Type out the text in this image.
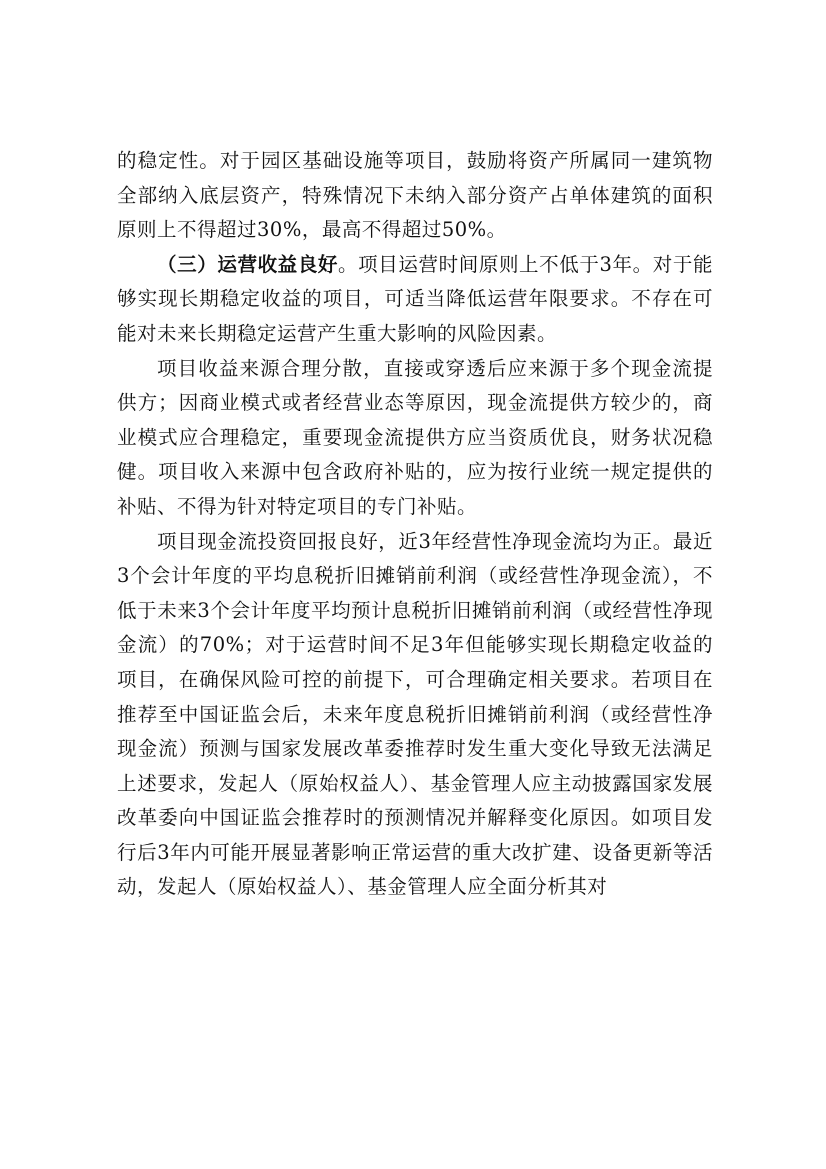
的稳定性。对于园区基础设施等项目，鼓励将资产所属同一建筑物全部纳入底层资产，特殊情况下未纳入部分资产占单体建筑的面积原则上不得超过30%，最高不得超过50%。

（三）运营收益良好。项目运营时间原则上不低于3年。对于能够实现长期稳定收益的项目，可适当降低运营年限要求。不存在可能对未来长期稳定运营产生重大影响的风险因素。

项目收益来源合理分散，直接或穿透后应来源于多个现金流提供方；因商业模式或者经营业态等原因，现金流提供方较少的，商业模式应合理稳定，重要现金流提供方应当资质优良，财务状况稳健。项目收入来源中包含政府补贴的，应为按行业统一规定提供的补贴、不得为针对特定项目的专门补贴。

项目现金流投资回报良好，近3年经营性净现金流均为正。最近3个会计年度的平均息税折旧摊销前利润（或经营性净现金流），不低于未来3个会计年度平均预计息税折旧摊销前利润（或经营性净现金流）的70%；对于运营时间不足3年但能够实现长期稳定收益的项目，在确保风险可控的前提下，可合理确定相关要求。若项目在推荐至中国证监会后，未来年度息税折旧摊销前利润（或经营性净现金流）预测与国家发展改革委推荐时发生重大变化导致无法满足上述要求，发起人（原始权益人）、基金管理人应主动披露国家发展改革委向中国证监会推荐时的预测情况并解释变化原因。如项目发行后3年内可能开展显著影响正常运营的重大改扩建、设备更新等活动，发起人（原始权益人）、基金管理人应全面分析其对
